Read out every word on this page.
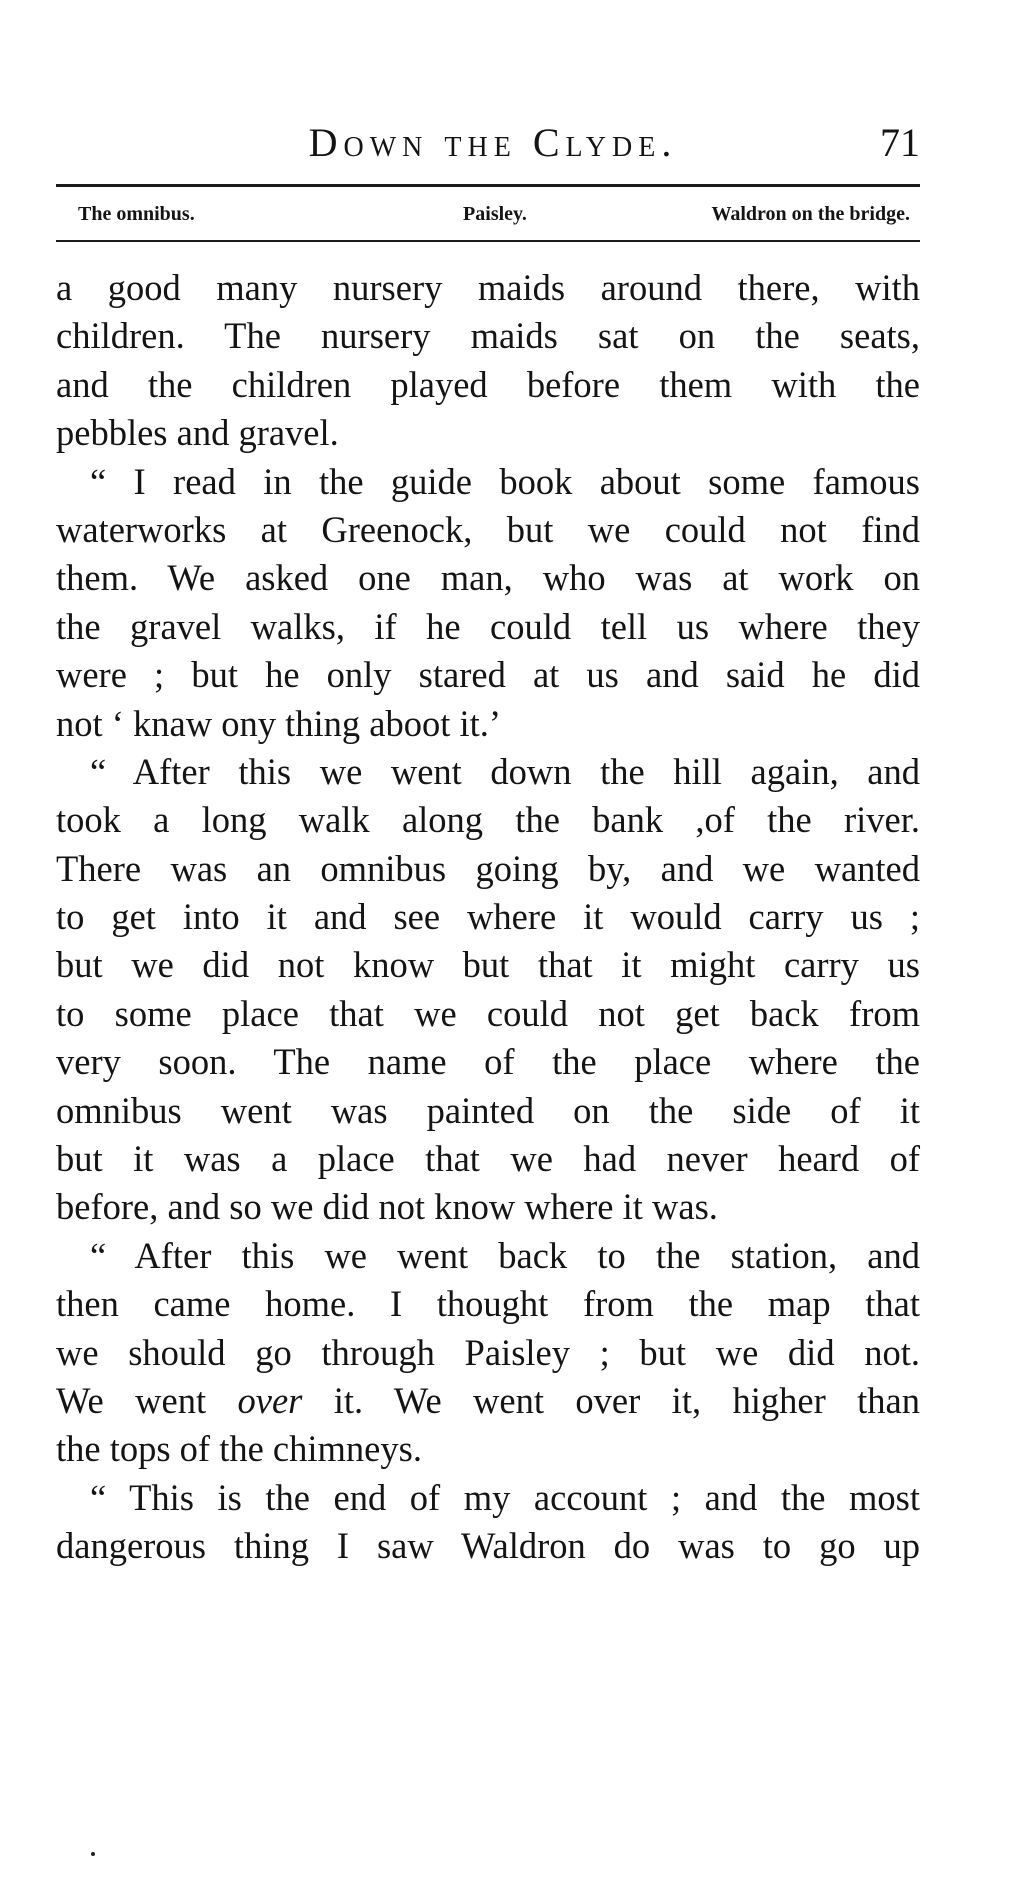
Down the Clyde.	71
The omnibus.	Paisley.	Waldron on the bridge.
a good many nursery maids around there, with
children. The nursery maids sat on the seats,
and the children played before them with the
pebbles and gravel.
“ I read in the guide book about some famous
waterworks at Greenock, but we could not find
them. We asked one man, who was at work on
the gravel walks, if he could tell us where they
were ; but he only stared at us and said he did
not ‘ knaw ony thing aboot it.’
“ After this we went down the hill again, and
took a long walk along the bank ,of the river.
There was an omnibus going by, and we wanted
to get into it and see where it would carry us ;
but we did not know but that it might carry us
to some place that we could not get back from
very soon. The name of the place where the
omnibus went was painted on the side of it
but it was a place that we had never heard of
before, and so we did not know where it was.
“ After this we went back to the station, and
then came home. I thought from the map that
we should go through Paisley ; but we did not.
We went over it. We went over it, higher than
the tops of the chimneys.
“ This is the end of my account ; and the most
dangerous thing I saw Waldron do was to go up
